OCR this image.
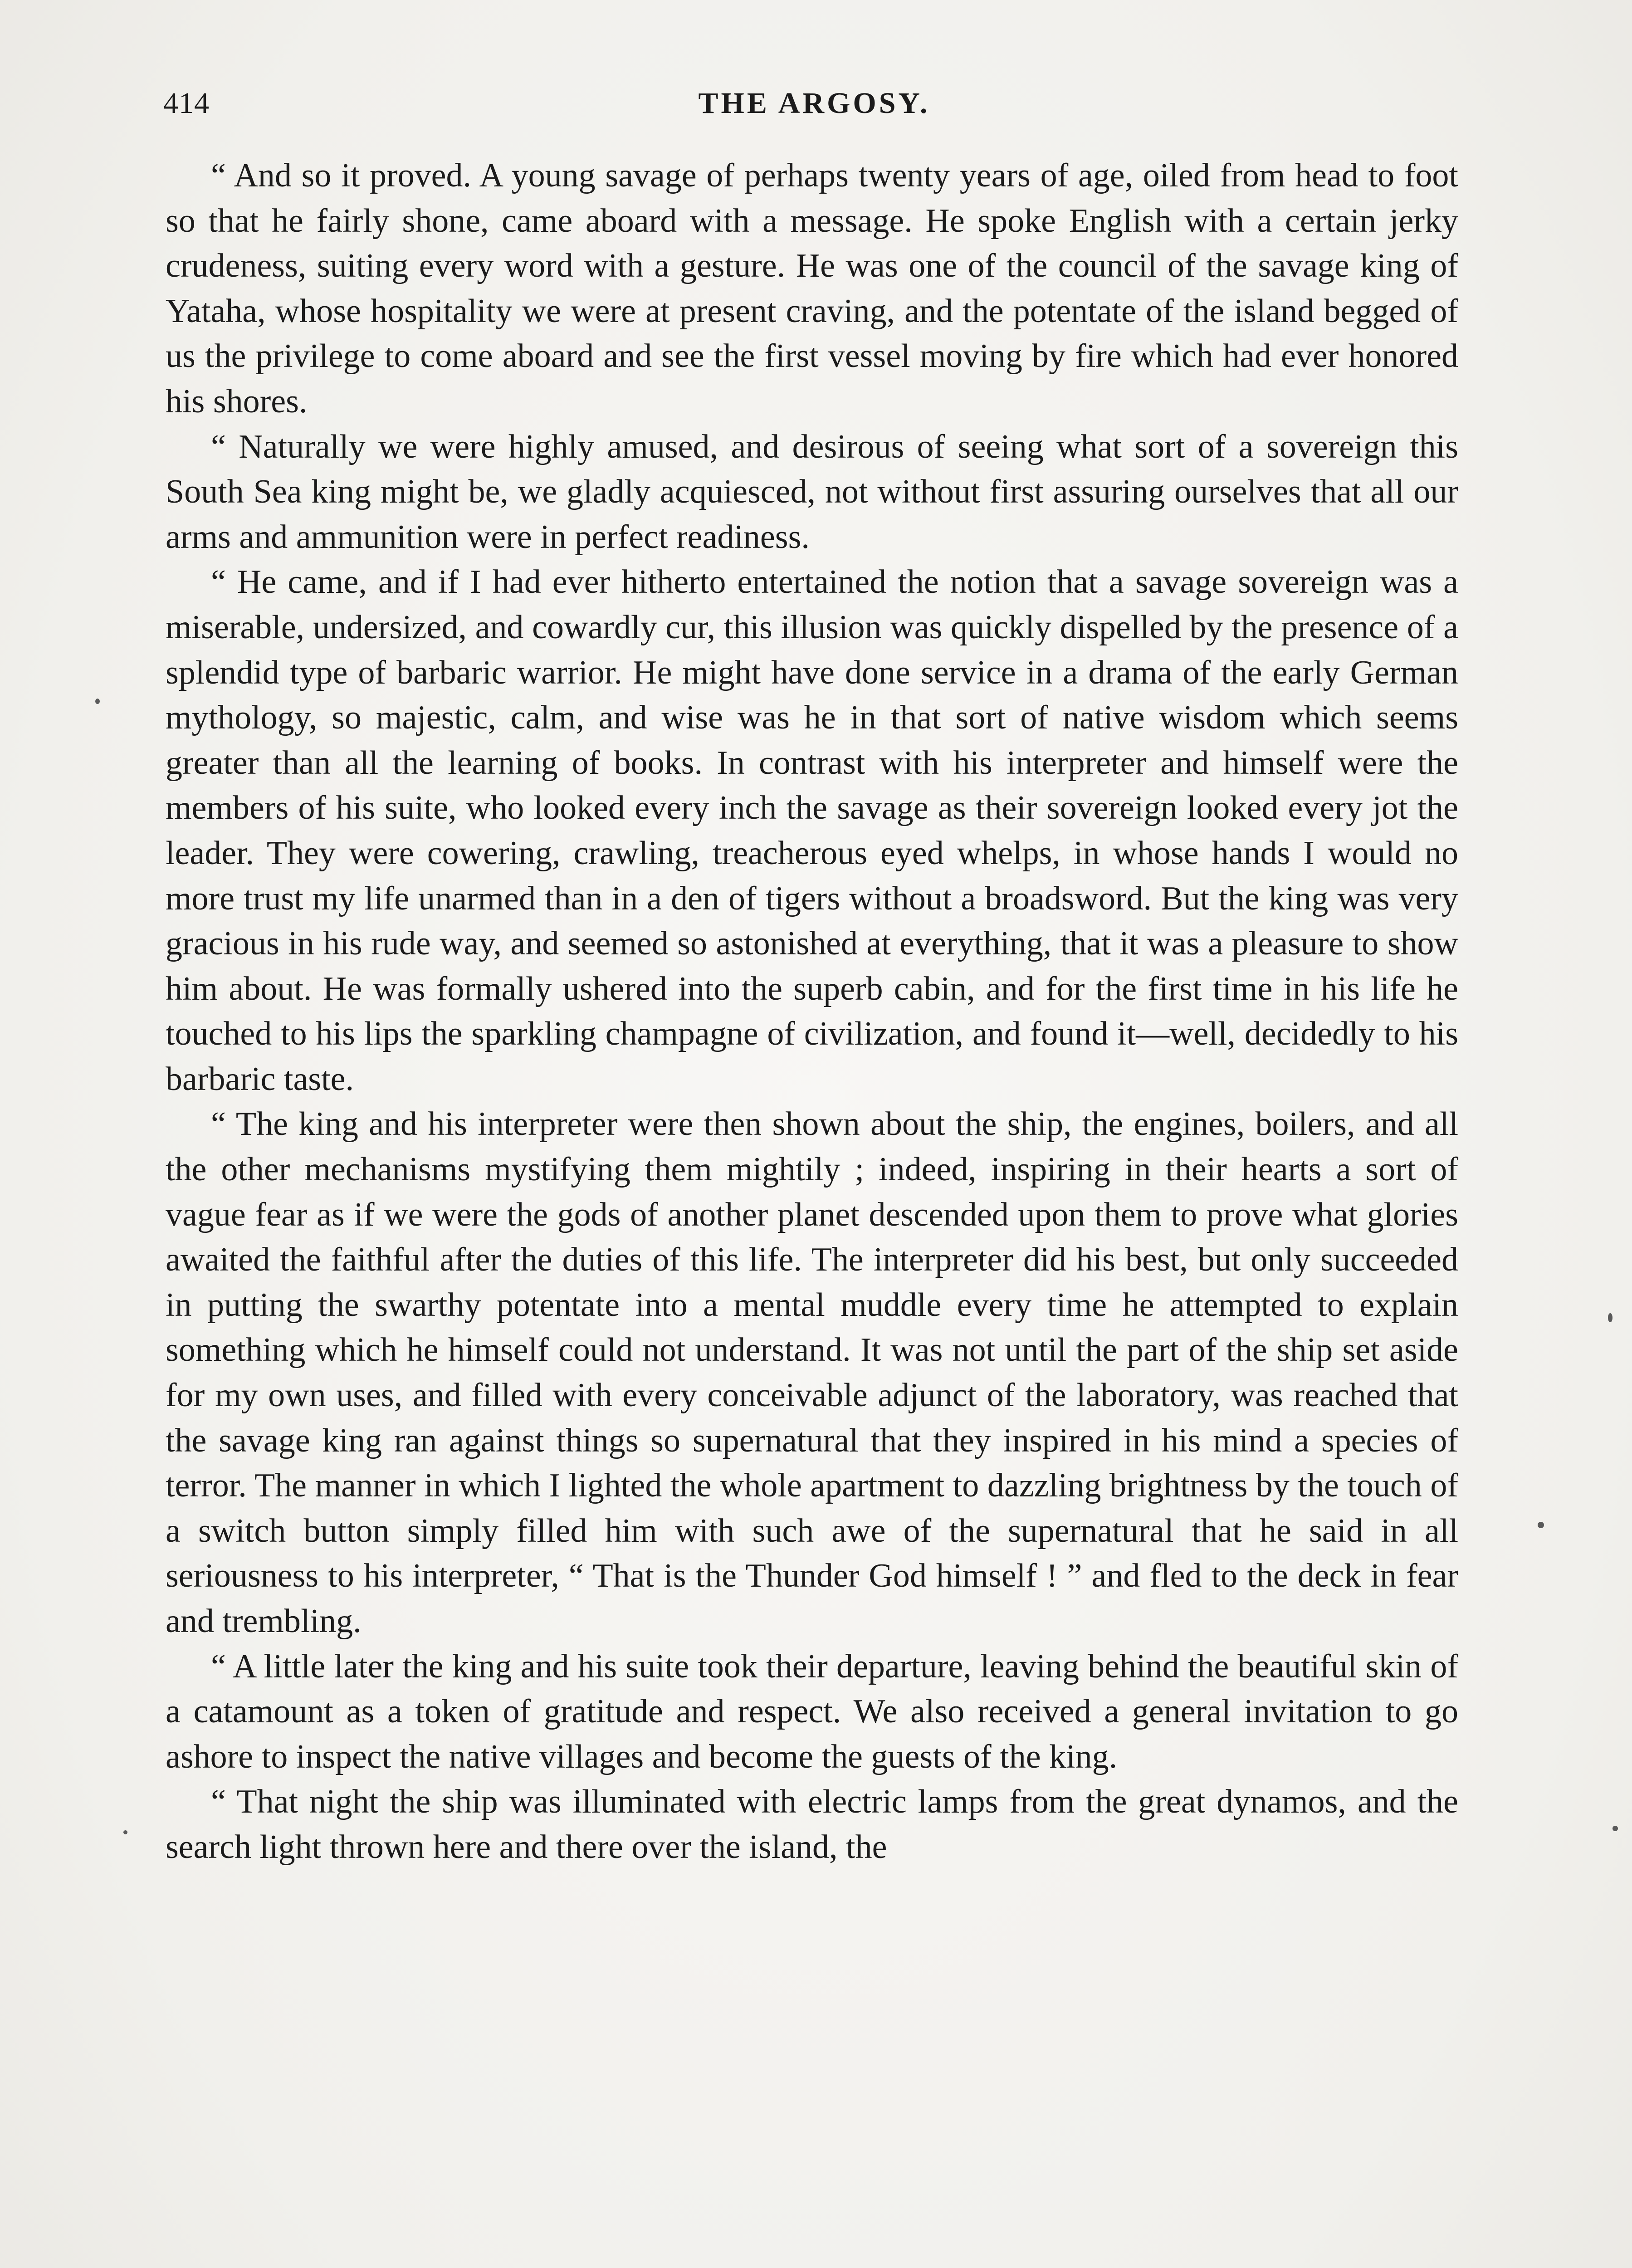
414	THE ARGOSY.

“ And so it proved. A young savage of perhaps twenty years of age, oiled from head to foot so that he fairly shone, came aboard with a message. He spoke English with a certain jerky crudeness, suiting every word with a gesture. He was one of the council of the savage king of Yataha, whose hospitality we were at present craving, and the potentate of the island begged of us the privilege to come aboard and see the first vessel moving by fire which had ever honored his shores.

“ Naturally we were highly amused, and desirous of seeing what sort of a sovereign this South Sea king might be, we gladly acquiesced, not without first assuring ourselves that all our arms and ammunition were in perfect readiness.

“ He came, and if I had ever hitherto entertained the notion that a savage sovereign was a miserable, undersized, and cowardly cur, this illusion was quickly dispelled by the presence of a splendid type of barbaric warrior. He might have done service in a drama of the early German mythology, so majestic, calm, and wise was he in that sort of native wisdom which seems greater than all the learning of books. In contrast with his interpreter and himself were the members of his suite, who looked every inch the savage as their sovereign looked every jot the leader. They were cowering, crawling, treacherous eyed whelps, in whose hands I would no more trust my life unarmed than in a den of tigers without a broadsword. But the king was very gracious in his rude way, and seemed so astonished at everything, that it was a pleasure to show him about. He was formally ushered into the superb cabin, and for the first time in his life he touched to his lips the sparkling champagne of civilization, and found it—well, decidedly to his barbaric taste.

“ The king and his interpreter were then shown about the ship, the engines, boilers, and all the other mechanisms mystifying them mightily ; indeed, inspiring in their hearts a sort of vague fear as if we were the gods of another planet descended upon them to prove what glories awaited the faithful after the duties of this life. The interpreter did his best, but only succeeded in putting the swarthy potentate into a mental muddle every time he attempted to explain something which he himself could not understand. It was not until the part of the ship set aside for my own uses, and filled with every conceivable adjunct of the laboratory, was reached that the savage king ran against things so supernatural that they inspired in his mind a species of terror. The manner in which I lighted the whole apartment to dazzling brightness by the touch of a switch button simply filled him with such awe of the supernatural that he said in all seriousness to his interpreter, “ That is the Thunder God himself ! ” and fled to the deck in fear and trembling.

“ A little later the king and his suite took their departure, leaving behind the beautiful skin of a catamount as a token of gratitude and respect. We also received a general invitation to go ashore to inspect the native villages and become the guests of the king.

“ That night the ship was illuminated with electric lamps from the great dynamos, and the search light thrown here and there over the island, the
